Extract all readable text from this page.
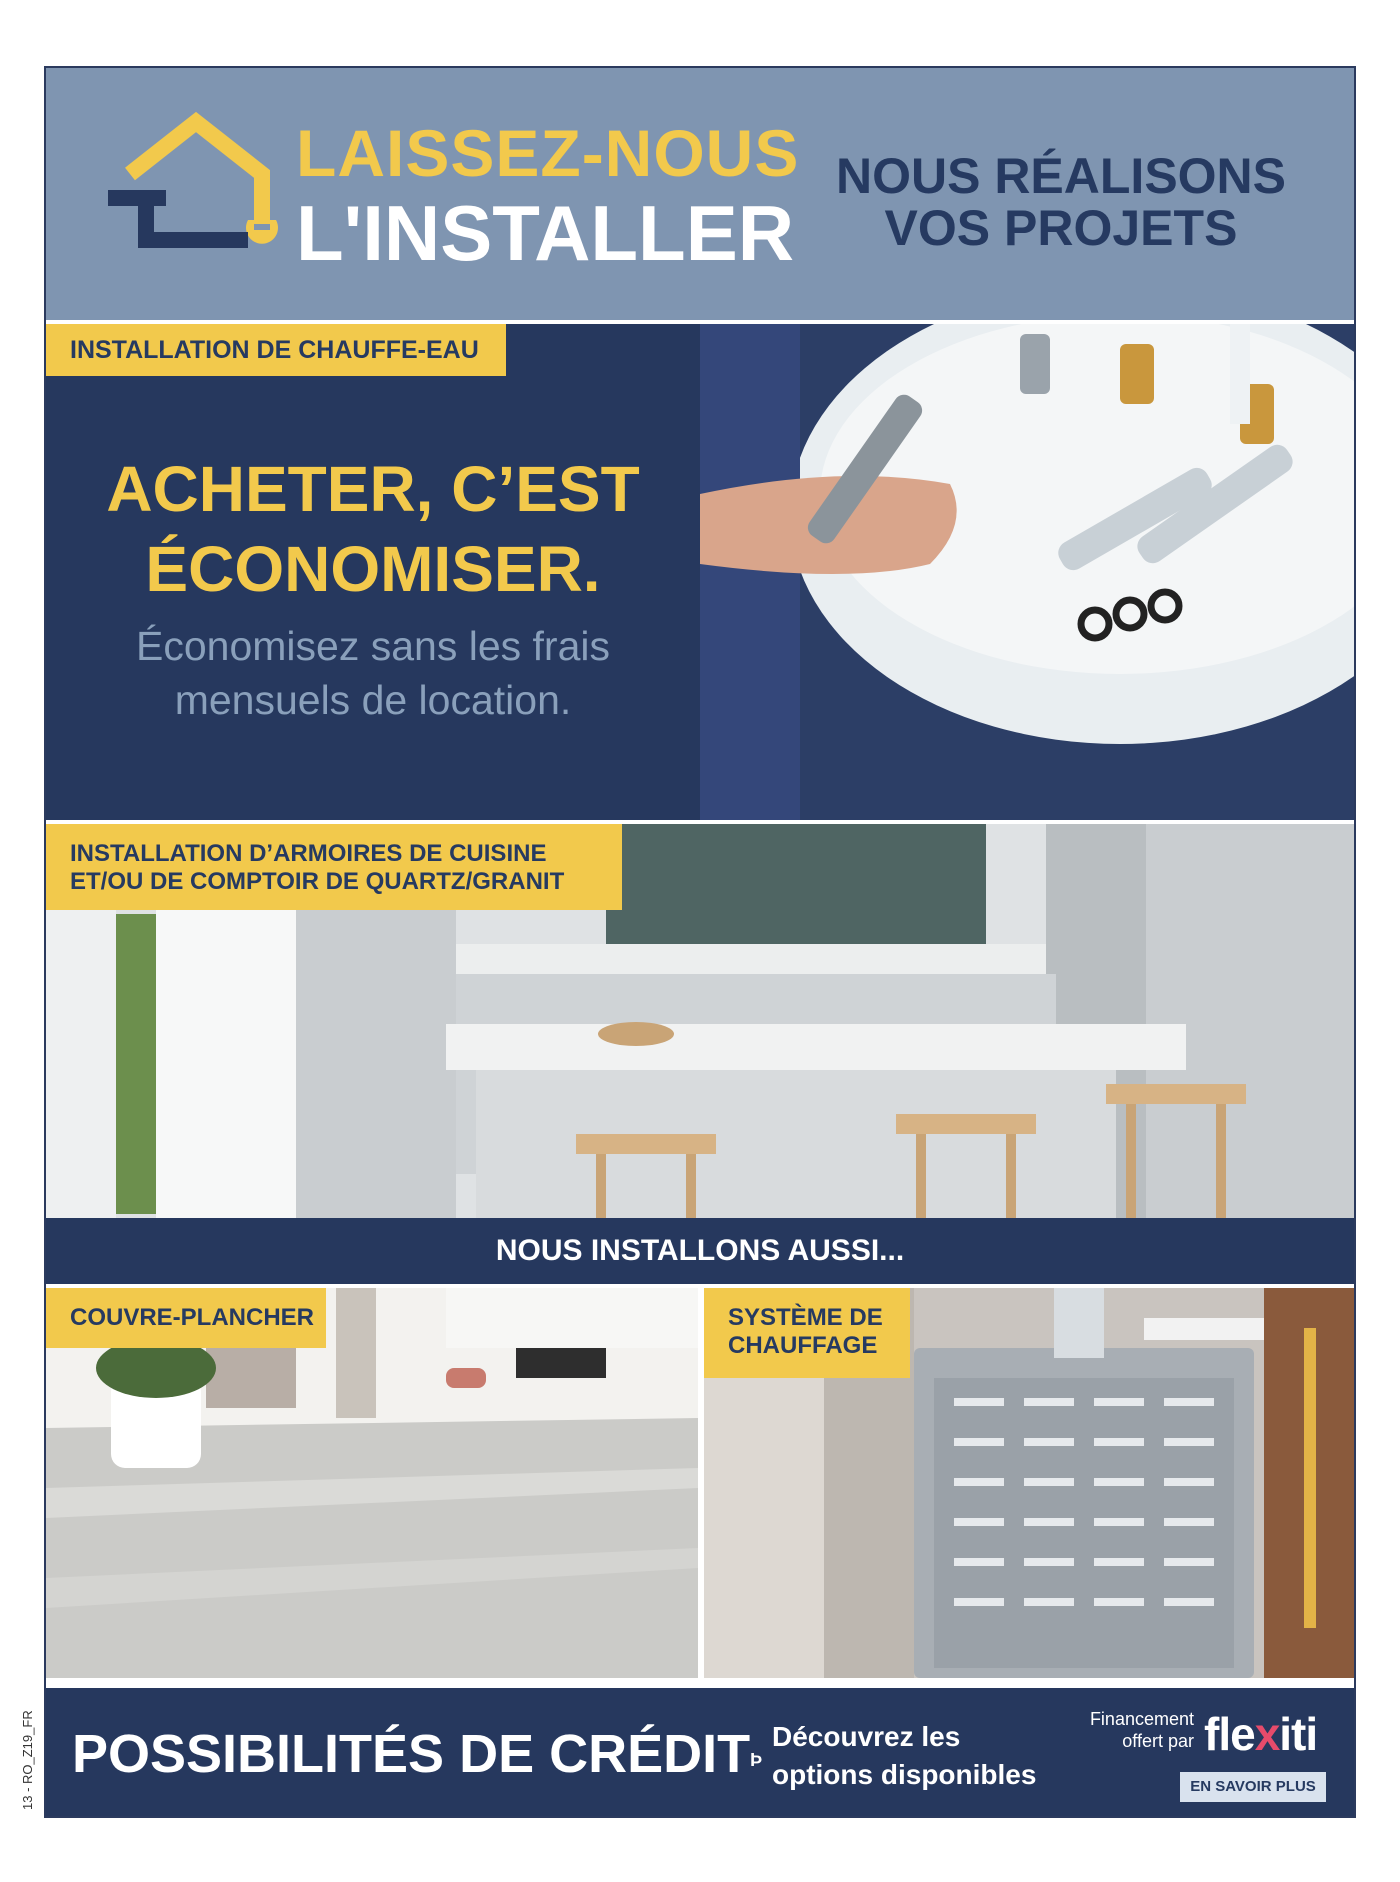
LAISSEZ-NOUS
L'INSTALLER
NOUS RÉALISONS
VOS PROJETS
INSTALLATION DE CHAUFFE-EAU
ACHETER, C’EST
ÉCONOMISER.
Économisez sans les frais
mensuels de location.
INSTALLATION D’ARMOIRES DE CUISINE
ET/OU DE COMPTOIR DE QUARTZ/GRANIT
NOUS INSTALLONS AUSSI...
COUVRE-PLANCHER	SYSTÈME DE
CHAUFFAGE
POSSIBILITÉS DE $CRÉDIT^Þ$
Découvrez les
options disponibles
Financement
offert par flexiti
EN SAVOIR PLUS
13 - RO_Z19_FR
